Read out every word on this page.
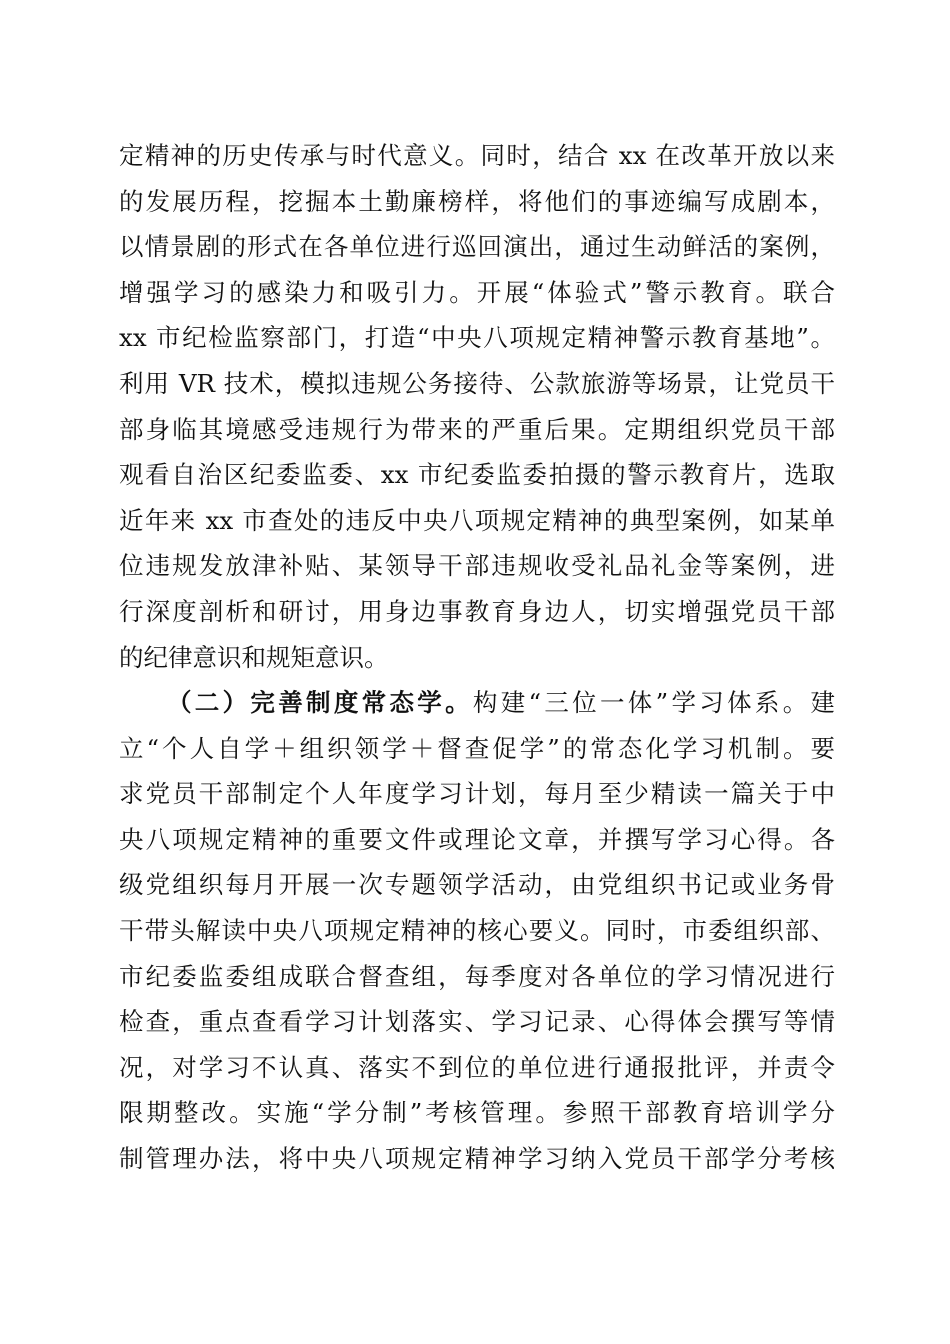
定精神的历史传承与时代意义。同时，结合 xx 在改革开放以来
的发展历程，挖掘本土勤廉榜样，将他们的事迹编写成剧本，
以情景剧的形式在各单位进行巡回演出，通过生动鲜活的案例，
增强学习的感染力和吸引力。开展“体验式”警示教育。联合
xx 市纪检监察部门，打造“中央八项规定精神警示教育基地”。
利用 VR 技术，模拟违规公务接待、公款旅游等场景，让党员干
部身临其境感受违规行为带来的严重后果。定期组织党员干部
观看自治区纪委监委、xx 市纪委监委拍摄的警示教育片，选取
近年来 xx 市查处的违反中央八项规定精神的典型案例，如某单
位违规发放津补贴、某领导干部违规收受礼品礼金等案例，进
行深度剖析和研讨，用身边事教育身边人，切实增强党员干部
的纪律意识和规矩意识。
（二）完善制度常态学。构建“三位一体”学习体系。建
立“个人自学＋组织领学＋督查促学”的常态化学习机制。要
求党员干部制定个人年度学习计划，每月至少精读一篇关于中
央八项规定精神的重要文件或理论文章，并撰写学习心得。各
级党组织每月开展一次专题领学活动，由党组织书记或业务骨
干带头解读中央八项规定精神的核心要义。同时，市委组织部、
市纪委监委组成联合督查组，每季度对各单位的学习情况进行
检查，重点查看学习计划落实、学习记录、心得体会撰写等情
况，对学习不认真、落实不到位的单位进行通报批评，并责令
限期整改。实施“学分制”考核管理。参照干部教育培训学分
制管理办法，将中央八项规定精神学习纳入党员干部学分考核
